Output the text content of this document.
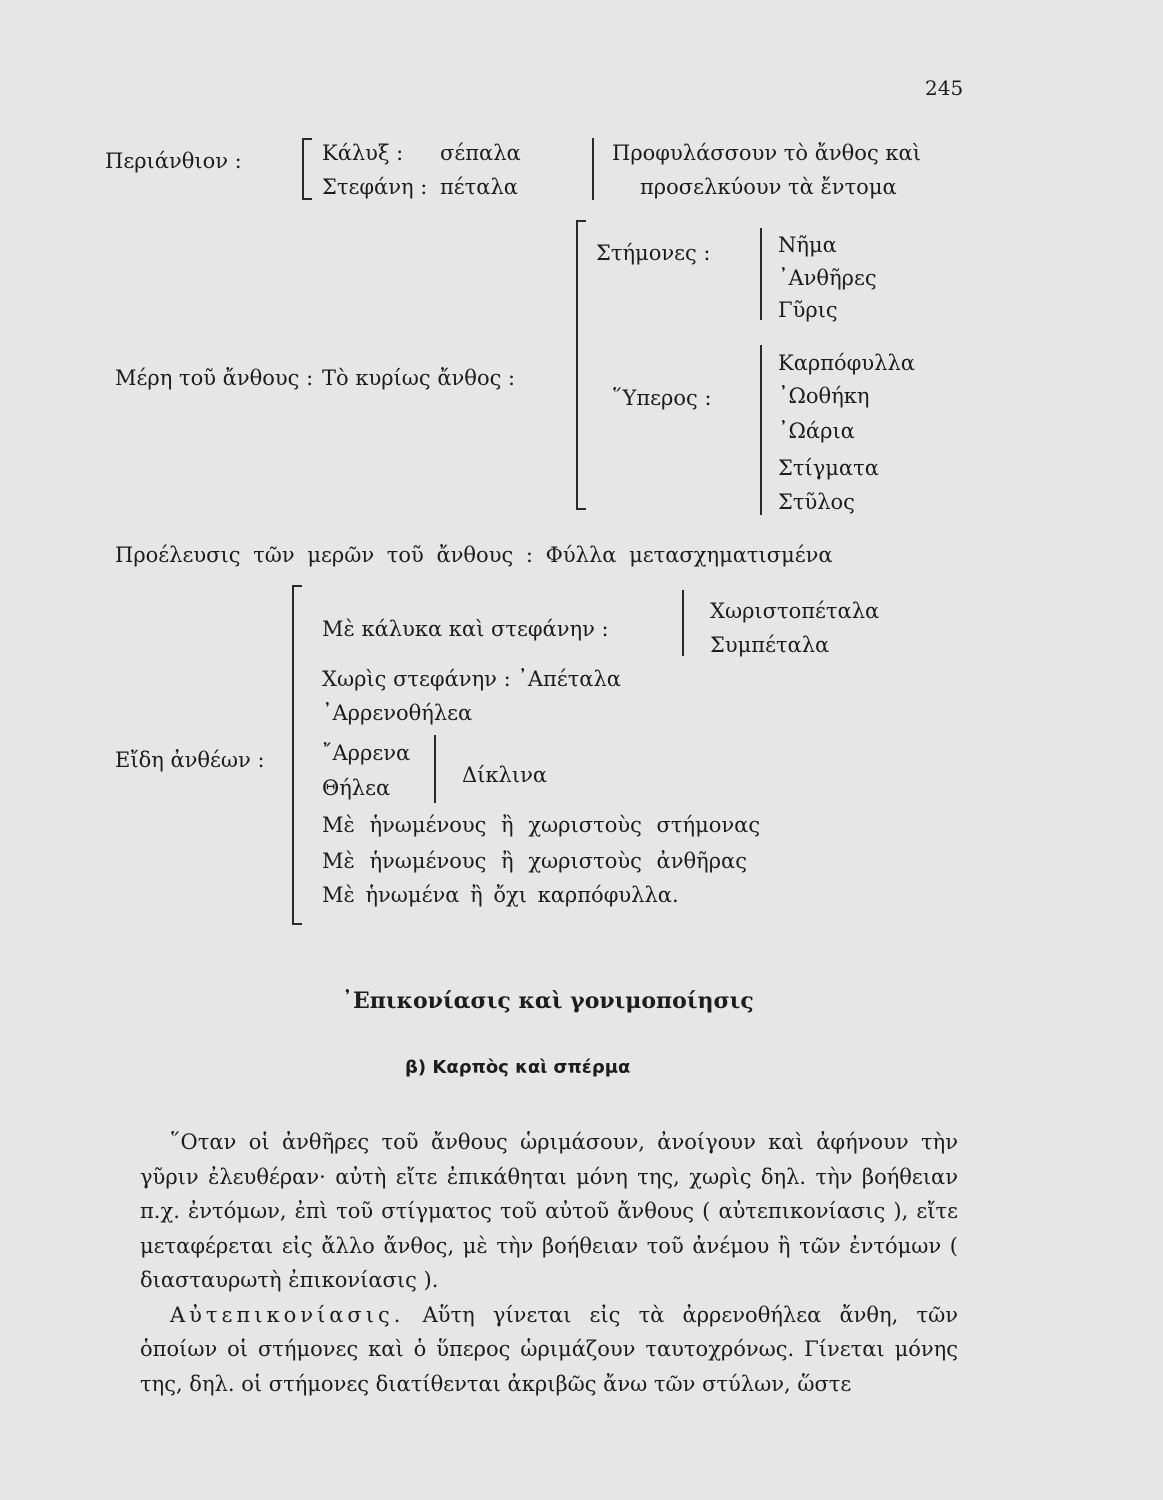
245
Περιάνθιον :	Κάλυξ : σέπαλα
Στεφάνη : πέταλα
Προφυλάσσουν τὸ ἄνθος καὶ
προσελκύουν τὰ ἔντομα
Μέρη τοῦ ἄνθους : Τὸ κυρίως ἄνθος :
Στήμονες :	Νῆμα
᾿Ανθῆρες
Γῦρις
῞Υπερος :
Καρπόφυλλα
᾿Ωοθήκη
᾿Ωάρια
Στίγματα
Στῦλος
Προέλευσις τῶν μερῶν τοῦ ἄνθους : Φύλλα μετασχηματισμένα
Εἴδη ἀνθέων :
Μὲ κάλυκα καὶ στεφάνην :
Χωριστοπέταλα
Συμπέταλα
Χωρὶς στεφάνην : ᾿Απέταλα
᾿Αρρενοθήλεα
῎Αρρενα
Θήλεα
Δίκλινα
Μὲ ἡνωμένους ἢ χωριστοὺς στήμονας
Μὲ ἡνωμένους ἢ χωριστοὺς ἀνθῆρας
Μὲ ἡνωμένα ἢ ὄχι καρπόφυλλα.
᾿Επικονίασις καὶ γονιμοποίησις
β) Καρπὸς καὶ σπέρμα

῞Οταν οἱ ἀνθῆρες τοῦ ἄνθους ὡριμάσουν, ἀνοίγουν καὶ ἀφήνουν τὴν γῦριν ἐλευθέραν· αὐτὴ εἴτε ἐπικάθηται μόνη της, χωρὶς δηλ. τὴν βοήθειαν π.χ. ἐντόμων, ἐπὶ τοῦ στίγματος τοῦ αὐτοῦ ἄνθους ( αὐτεπικονίασις ), εἴτε μεταφέρεται εἰς ἄλλο ἄνθος, μὲ τὴν βοήθειαν τοῦ ἀνέμου ἢ τῶν ἐντόμων ( διασταυρωτὴ ἐπικονίασις ).

Αὐτεπικονίασις. Αὕτη γίνεται εἰς τὰ ἀρρενοθήλεα ἄνθη, τῶν ὁποίων οἱ στήμονες καὶ ὁ ὕπερος ὡριμάζουν ταυτοχρόνως. Γίνεται μόνης της, δηλ. οἱ στήμονες διατίθενται ἀκριβῶς ἄνω τῶν στύλων, ὥστε
